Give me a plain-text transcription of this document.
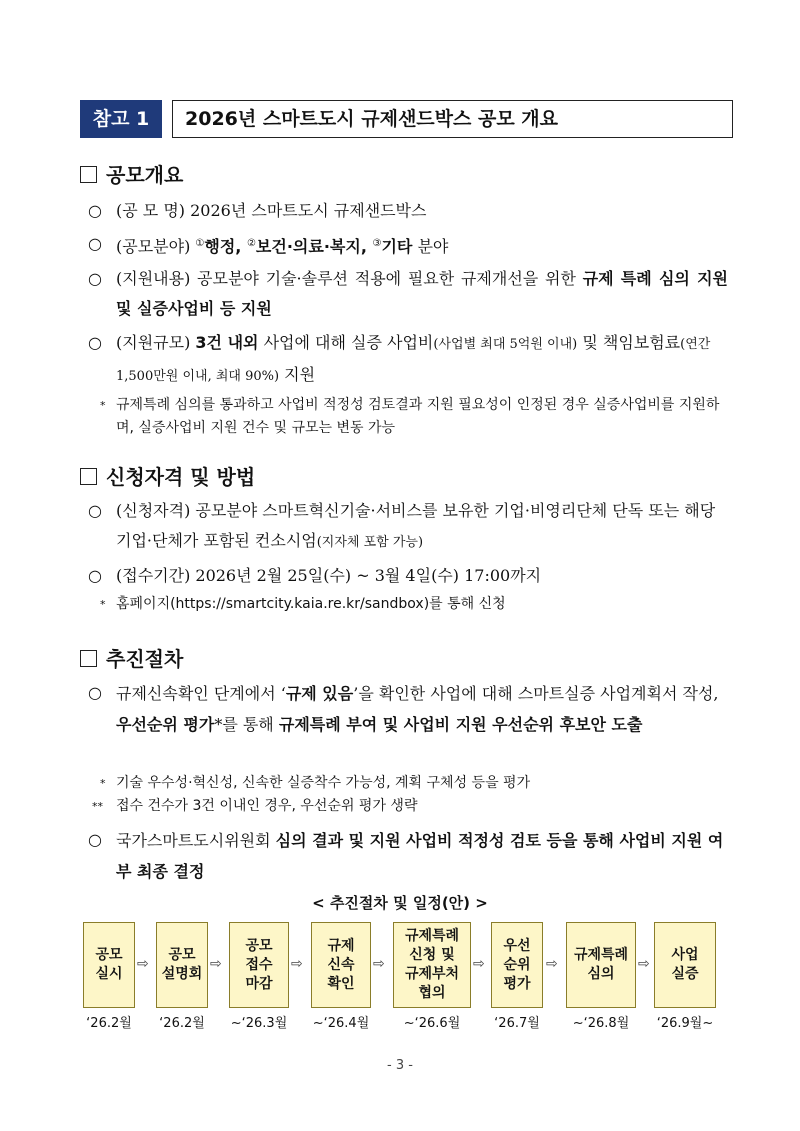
참고 1	2026년 스마트도시 규제샌드박스 공모 개요
공모개요
○ (공 모 명) 2026년 스마트도시 규제샌드박스
○ (공모분야) ①행정, ②보건·의료·복지, ③기타 분야
○ (지원내용) 공모분야 기술·솔루션 적용에 필요한 규제개선을 위한 규제 특례 심의 지원 및 실증사업비 등 지원
○ (지원규모) 3건 내외 사업에 대해 실증 사업비(사업별 최대 5억원 이내) 및 책임보험료(연간 1,500만원 이내, 최대 90%) 지원
* 규제특례 심의를 통과하고 사업비 적정성 검토결과 지원 필요성이 인정된 경우 실증사업비를 지원하며, 실증사업비 지원 건수 및 규모는 변동 가능
신청자격 및 방법
○ (신청자격) 공모분야 스마트혁신기술·서비스를 보유한 기업·비영리단체 단독 또는 해당 기업·단체가 포함된 컨소시엄(지자체 포함 가능)
○ (접수기간) 2026년 2월 25일(수) ~ 3월 4일(수) 17:00까지
* 홈페이지(https://smartcity.kaia.re.kr/sandbox)를 통해 신청
추진절차
○ 규제신속확인 단계에서 ‘규제 있음’을 확인한 사업에 대해 스마트실증 사업계획서 작성, 우선순위 평가*를 통해 규제특례 부여 및 사업비 지원 우선순위 후보안 도출
* 기술 우수성·혁신성, 신속한 실증착수 가능성, 계획 구체성 등을 평가
** 접수 건수가 3건 이내인 경우, 우선순위 평가 생략
○ 국가스마트도시위원회 심의 결과 및 지원 사업비 적정성 검토 등을 통해 사업비 지원 여부 최종 결정
< 추진절차 및 일정(안) >
공모
실시
⇨
공모
설명회
⇨
공모
접수
마감
⇨
규제
신속
확인
⇨
규제특례
신청 및
규제부처
협의
⇨
우선
순위
평가
⇨
규제특례
심의
⇨
사업
실증
‘26.2월	‘26.2월	~‘26.3월	~‘26.4월	~‘26.6월	‘26.7월	~‘26.8월	‘26.9월~
- 3 -
